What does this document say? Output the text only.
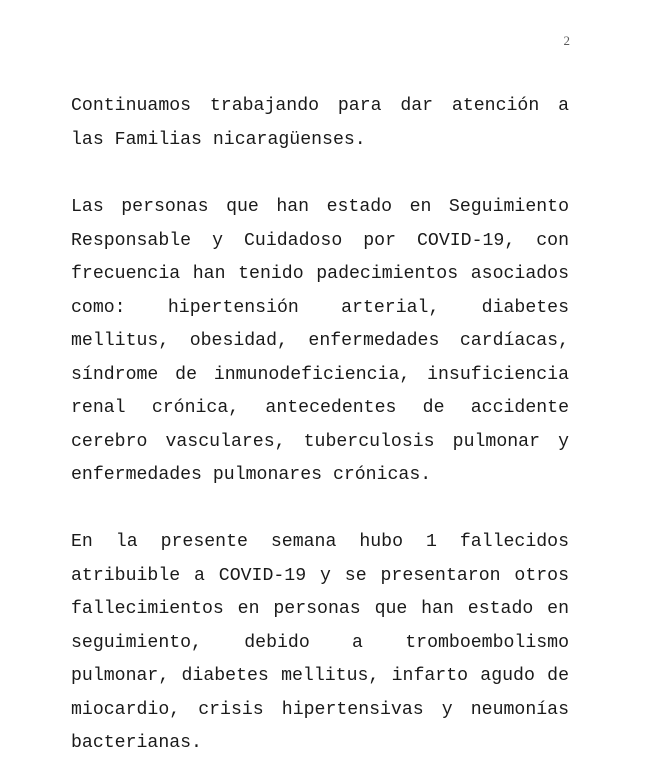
2

Continuamos trabajando para dar atención a las Familias nicaragüenses.

Las personas que han estado en Seguimiento Responsable y Cuidadoso por COVID-19, con frecuencia han tenido padecimientos asociados como: hipertensión arterial, diabetes mellitus, obesidad, enfermedades cardíacas, síndrome de inmunodeficiencia, insuficiencia renal crónica, antecedentes de accidente cerebro vasculares, tuberculosis pulmonar y enfermedades pulmonares crónicas.

En la presente semana hubo 1 fallecidos atribuible a COVID-19 y se presentaron otros fallecimientos en personas que han estado en seguimiento, debido a tromboembolismo pulmonar, diabetes mellitus, infarto agudo de miocardio, crisis hipertensivas y neumonías bacterianas.
